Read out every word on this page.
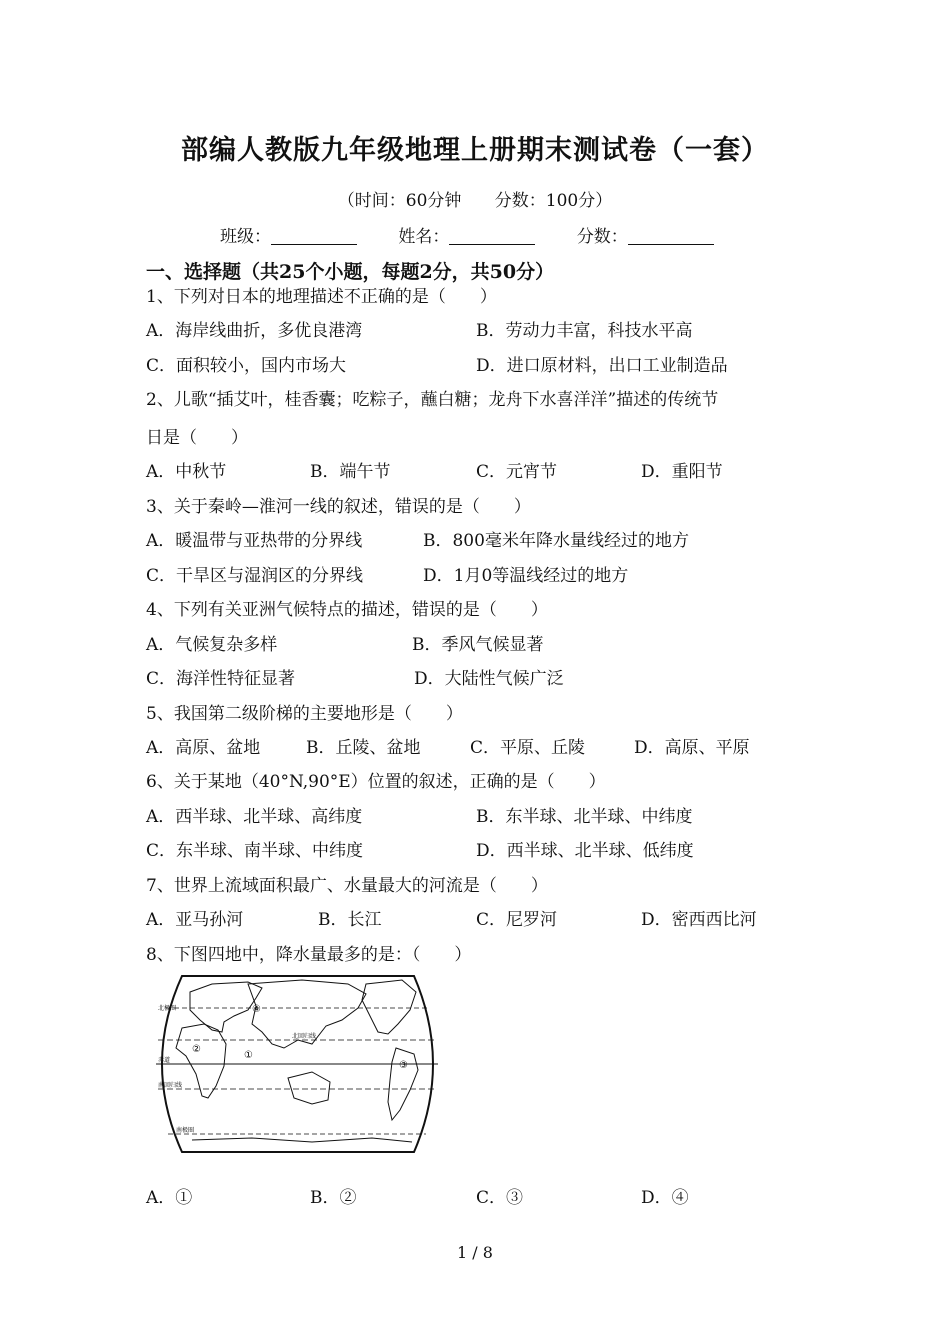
部编人教版九年级地理上册期末测试卷（一套）
（时间：60分钟 分数：100分）
班级：	姓名：	分数：
一、选择题（共25个小题，每题2分，共50分）
1、下列对日本的地理描述不正确的是（　　）
A．海岸线曲折，多优良港湾	B．劳动力丰富，科技水平高
C．面积较小，国内市场大	D．进口原材料，出口工业制造品
2、儿歌“插艾叶，桂香囊；吃粽子，蘸白糖；龙舟下水喜洋洋”描述的传统节
日是（　　）
A．中秋节	B．端午节	C．元宵节	D．重阳节
3、关于秦岭—淮河一线的叙述，错误的是（　　）
A．暖温带与亚热带的分界线	B．800毫米年降水量线经过的地方
C．干旱区与湿润区的分界线	D．1月0等温线经过的地方
4、下列有关亚洲气候特点的描述，错误的是（　　）
A．气候复杂多样	B．季风气候显著
C．海洋性特征显著	D．大陆性气候广泛
5、我国第二级阶梯的主要地形是（　　）
A．高原、盆地	B．丘陵、盆地	C．平原、丘陵	D．高原、平原
6、关于某地（40°N,90°E）位置的叙述，正确的是（　　）
A．西半球、北半球、高纬度	B．东半球、北半球、中纬度
C．东半球、南半球、中纬度	D．西半球、北半球、低纬度
7、世界上流域面积最广、水量最大的河流是（　　）
A．亚马孙河	B．长江	C．尼罗河	D．密西西比河
8、下图四地中，降水量最多的是：（　　）
北极圈
北回归线
赤道
南回归线
南极圈
①
②
③
④
A．①	B．②	C．③	D．④
1 / 8
